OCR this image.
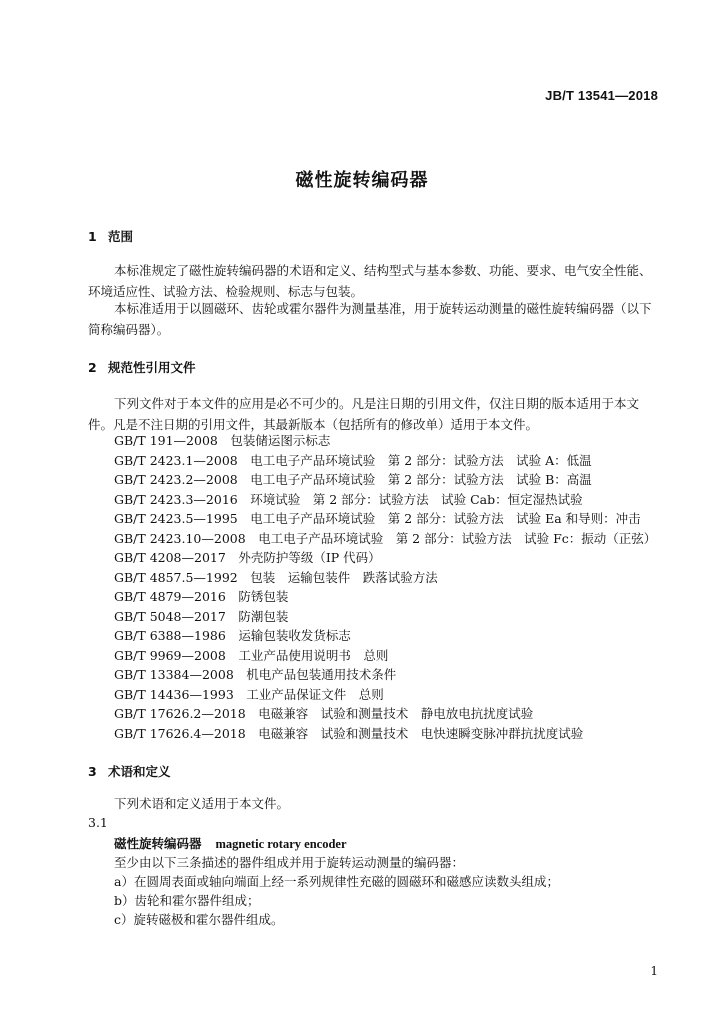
JB/T 13541—2018
磁性旋转编码器
1 范围
本标准规定了磁性旋转编码器的术语和定义、结构型式与基本参数、功能、要求、电气安全性能、环境适应性、试验方法、检验规则、标志与包装。
本标准适用于以圆磁环、齿轮或霍尔器件为测量基准，用于旋转运动测量的磁性旋转编码器（以下简称编码器）。
2 规范性引用文件
下列文件对于本文件的应用是必不可少的。凡是注日期的引用文件，仅注日期的版本适用于本文件。凡是不注日期的引用文件，其最新版本（包括所有的修改单）适用于本文件。
GB/T 191—2008　包装储运图示标志
GB/T 2423.1—2008　电工电子产品环境试验　第 2 部分：试验方法　试验 A：低温
GB/T 2423.2—2008　电工电子产品环境试验　第 2 部分：试验方法　试验 B：高温
GB/T 2423.3—2016　环境试验　第 2 部分：试验方法　试验 Cab：恒定湿热试验
GB/T 2423.5—1995　电工电子产品环境试验　第 2 部分：试验方法　试验 Ea 和导则：冲击
GB/T 2423.10—2008　电工电子产品环境试验　第 2 部分：试验方法　试验 Fc：振动（正弦）
GB/T 4208—2017　外壳防护等级（IP 代码）
GB/T 4857.5—1992　包装　运输包装件　跌落试验方法
GB/T 4879—2016　防锈包装
GB/T 5048—2017　防潮包装
GB/T 6388—1986　运输包装收发货标志
GB/T 9969—2008　工业产品使用说明书　总则
GB/T 13384—2008　机电产品包装通用技术条件
GB/T 14436—1993　工业产品保证文件　总则
GB/T 17626.2—2018　电磁兼容　试验和测量技术　静电放电抗扰度试验
GB/T 17626.4—2018　电磁兼容　试验和测量技术　电快速瞬变脉冲群抗扰度试验
3 术语和定义
下列术语和定义适用于本文件。
3.1
磁性旋转编码器 magnetic rotary encoder
至少由以下三条描述的器件组成并用于旋转运动测量的编码器：
a）在圆周表面或轴向端面上经一系列规律性充磁的圆磁环和磁感应读数头组成；
b）齿轮和霍尔器件组成；
c）旋转磁极和霍尔器件组成。
1
